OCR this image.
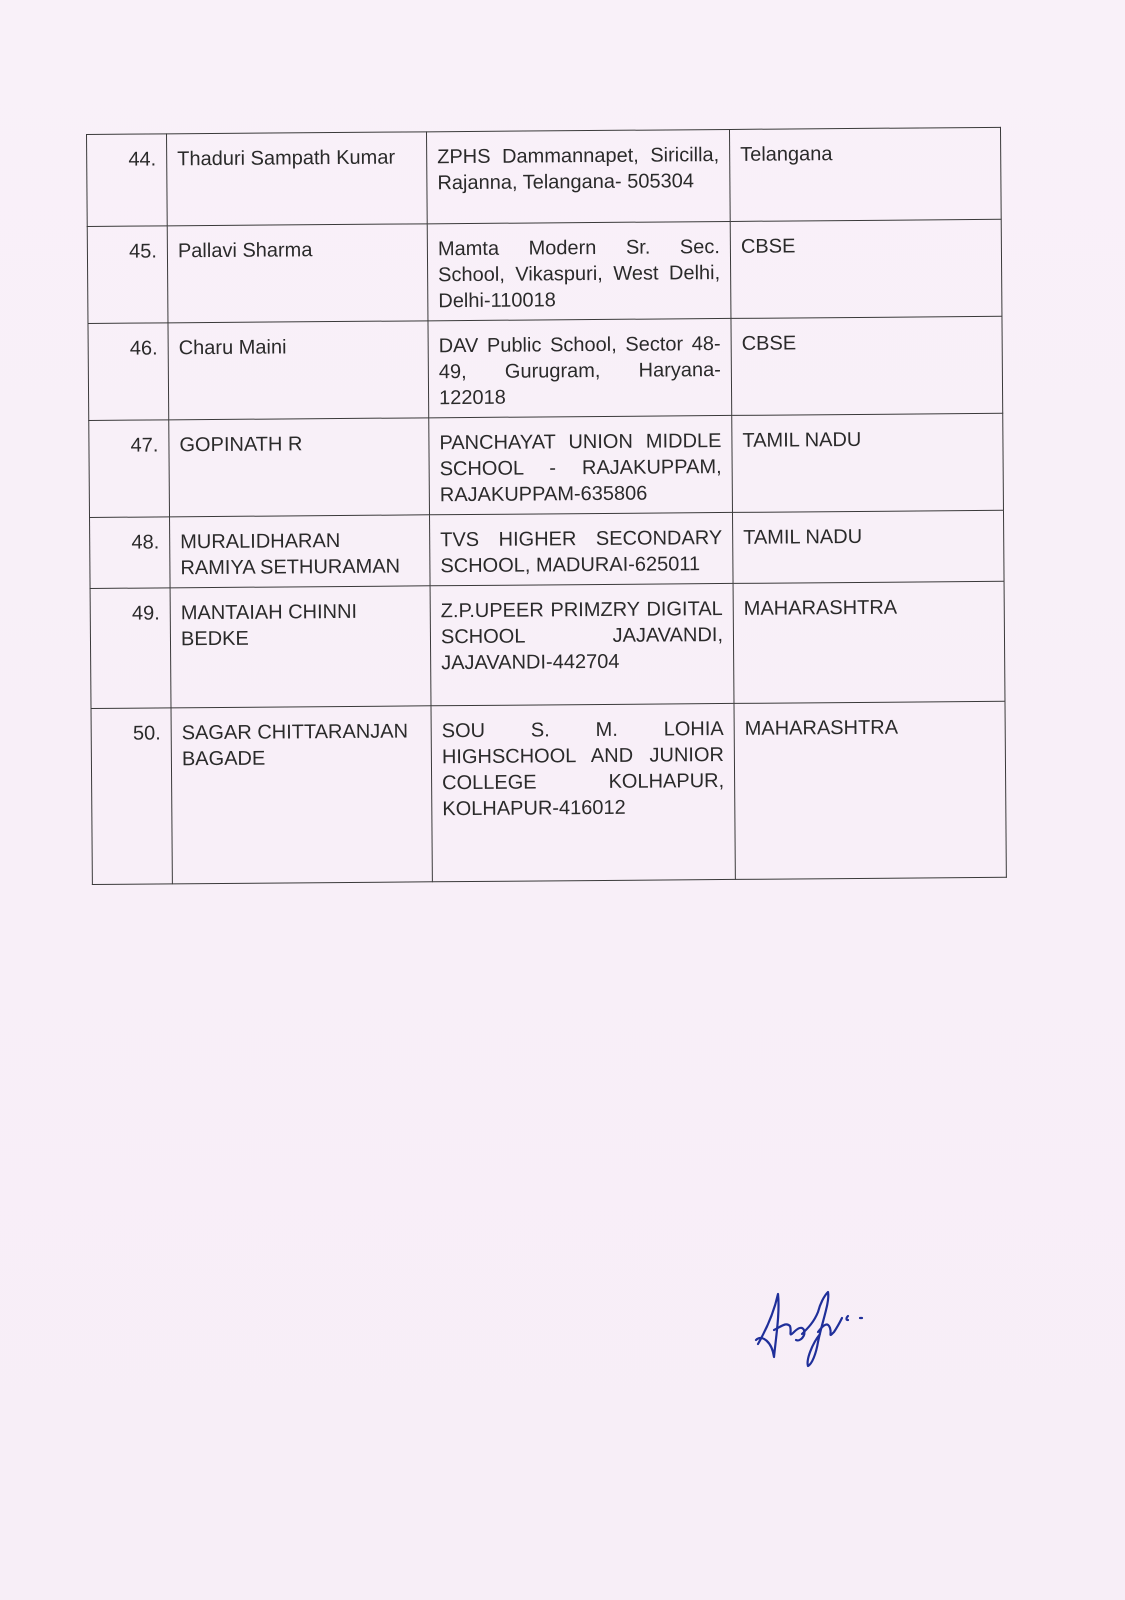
44.	Thaduri Sampath Kumar	ZPHS Dammannapet, Siricilla, Rajanna, Telangana- 505304	Telangana
45.	Pallavi Sharma	Mamta Modern Sr. Sec. School, Vikaspuri, West Delhi, Delhi-110018	CBSE
46.	Charu Maini	DAV Public School, Sector 48-49, Gurugram, Haryana-122018	CBSE
47.	GOPINATH R	PANCHAYAT UNION MIDDLE SCHOOL - RAJAKUPPAM, RAJAKUPPAM-635806	TAMIL NADU
48.	MURALIDHARAN RAMIYA SETHURAMAN	TVS HIGHER SECONDARY SCHOOL, MADURAI-625011	TAMIL NADU
49.	MANTAIAH CHINNI BEDKE	Z.P.UPEER PRIMZRY DIGITAL SCHOOL JAJAVANDI, JAJAVANDI-442704	MAHARASHTRA
50.	SAGAR CHITTARANJAN BAGADE	SOU S. M. LOHIA HIGHSCHOOL AND JUNIOR COLLEGE KOLHAPUR, KOLHAPUR-416012	MAHARASHTRA
